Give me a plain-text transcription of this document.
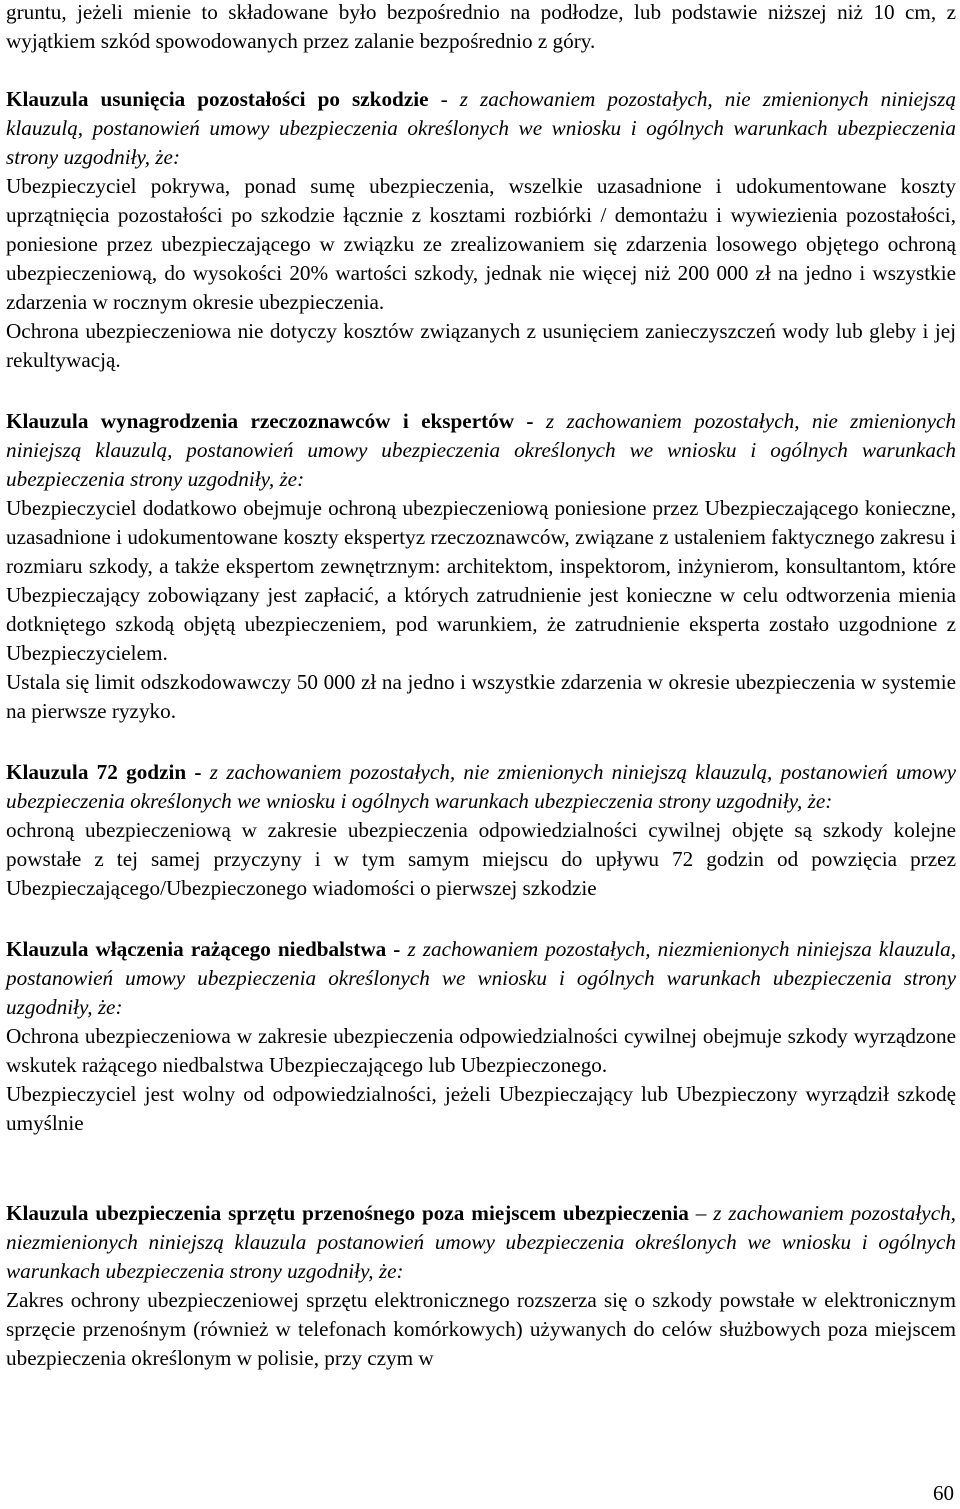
gruntu, jeżeli mienie to składowane było bezpośrednio na podłodze, lub podstawie niższej niż 10 cm, z wyjątkiem szkód spowodowanych przez zalanie bezpośrednio z góry.

Klauzula usunięcia pozostałości po szkodzie - z zachowaniem pozostałych, nie zmienionych niniejszą klauzulą, postanowień umowy ubezpieczenia określonych we wniosku i ogólnych warunkach ubezpieczenia strony uzgodniły, że:

Ubezpieczyciel pokrywa, ponad sumę ubezpieczenia, wszelkie uzasadnione i udokumentowane koszty uprzątnięcia pozostałości po szkodzie łącznie z kosztami rozbiórki / demontażu i wywiezienia pozostałości, poniesione przez ubezpieczającego w związku ze zrealizowaniem się zdarzenia losowego objętego ochroną ubezpieczeniową, do wysokości 20% wartości szkody, jednak nie więcej niż 200 000 zł na jedno i wszystkie zdarzenia w rocznym okresie ubezpieczenia.

Ochrona ubezpieczeniowa nie dotyczy kosztów związanych z usunięciem zanieczyszczeń wody lub gleby i jej rekultywacją.

Klauzula wynagrodzenia rzeczoznawców i ekspertów - z zachowaniem pozostałych, nie zmienionych niniejszą klauzulą, postanowień umowy ubezpieczenia określonych we wniosku i ogólnych warunkach ubezpieczenia strony uzgodniły, że:

Ubezpieczyciel dodatkowo obejmuje ochroną ubezpieczeniową poniesione przez Ubezpieczającego konieczne, uzasadnione i udokumentowane koszty ekspertyz rzeczoznawców, związane z ustaleniem faktycznego zakresu i rozmiaru szkody, a także ekspertom zewnętrznym: architektom, inspektorom, inżynierom, konsultantom, które Ubezpieczający zobowiązany jest zapłacić, a których zatrudnienie jest konieczne w celu odtworzenia mienia dotkniętego szkodą objętą ubezpieczeniem, pod warunkiem, że zatrudnienie eksperta zostało uzgodnione z Ubezpieczycielem.

Ustala się limit odszkodowawczy 50 000 zł na jedno i wszystkie zdarzenia w okresie ubezpieczenia w systemie na pierwsze ryzyko.

Klauzula 72 godzin - z zachowaniem pozostałych, nie zmienionych niniejszą klauzulą, postanowień umowy ubezpieczenia określonych we wniosku i ogólnych warunkach ubezpieczenia strony uzgodniły, że:

ochroną ubezpieczeniową w zakresie ubezpieczenia odpowiedzialności cywilnej objęte są szkody kolejne powstałe z tej samej przyczyny i w tym samym miejscu do upływu 72 godzin od powzięcia przez Ubezpieczającego/Ubezpieczonego wiadomości o pierwszej szkodzie

Klauzula włączenia rażącego niedbalstwa - z zachowaniem pozostałych, niezmienionych niniejsza klauzula, postanowień umowy ubezpieczenia określonych we wniosku i ogólnych warunkach ubezpieczenia strony uzgodniły, że:

Ochrona ubezpieczeniowa w zakresie ubezpieczenia odpowiedzialności cywilnej obejmuje szkody wyrządzone wskutek rażącego niedbalstwa Ubezpieczającego lub Ubezpieczonego.

Ubezpieczyciel jest wolny od odpowiedzialności, jeżeli Ubezpieczający lub Ubezpieczony wyrządził szkodę umyślnie

Klauzula ubezpieczenia sprzętu przenośnego poza miejscem ubezpieczenia – z zachowaniem pozostałych, niezmienionych niniejszą klauzula postanowień umowy ubezpieczenia określonych we wniosku i ogólnych warunkach ubezpieczenia strony uzgodniły, że:

Zakres ochrony ubezpieczeniowej sprzętu elektronicznego rozszerza się o szkody powstałe w elektronicznym sprzęcie przenośnym (również w telefonach komórkowych) używanych do celów służbowych poza miejscem ubezpieczenia określonym w polisie, przy czym w

60
